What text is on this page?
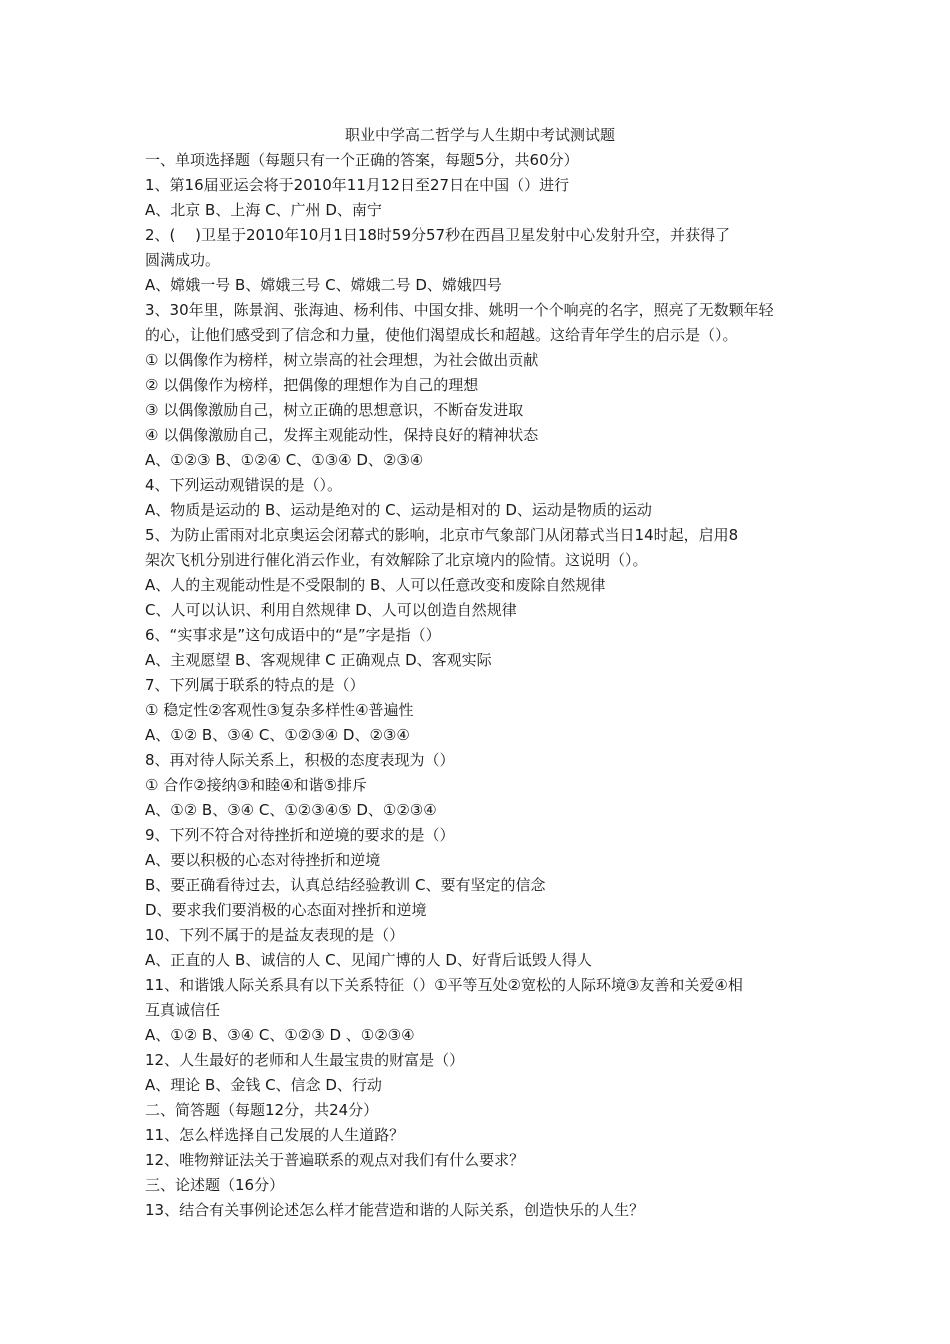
职业中学高二哲学与人生期中考试测试题
一、单项选择题（每题只有一个正确的答案，每题5分，共60分）
1、第16届亚运会将于2010年11月12日至27日在中国（）进行
A、北京 B、上海 C、广州 D、南宁
2、(　 )卫星于2010年10月1日18时59分57秒在西昌卫星发射中心发射升空，并获得了
圆满成功。
A、嫦娥一号 B、嫦娥三号 C、嫦娥二号 D、嫦娥四号
3、30年里，陈景润、张海迪、杨利伟、中国女排、姚明一个个响亮的名字，照亮了无数颗年轻
的心，让他们感受到了信念和力量，使他们渴望成长和超越。这给青年学生的启示是（）。
① 以偶像作为榜样，树立崇高的社会理想，为社会做出贡献
② 以偶像作为榜样，把偶像的理想作为自己的理想
③ 以偶像激励自己，树立正确的思想意识，不断奋发进取
④ 以偶像激励自己，发挥主观能动性，保持良好的精神状态
A、①②③ B、①②④ C、①③④ D、②③④
4、下列运动观错误的是（）。
A、物质是运动的 B、运动是绝对的 C、运动是相对的 D、运动是物质的运动
5、为防止雷雨对北京奥运会闭幕式的影响，北京市气象部门从闭幕式当日14时起，启用8
架次飞机分别进行催化消云作业，有效解除了北京境内的险情。这说明（）。
A、人的主观能动性是不受限制的 B、人可以任意改变和废除自然规律
C、人可以认识、利用自然规律 D、人可以创造自然规律
6、“实事求是”这句成语中的“是”字是指（）
A、主观愿望 B、客观规律 C 正确观点 D、客观实际
7、下列属于联系的特点的是（）
① 稳定性②客观性③复杂多样性④普遍性
A、①② B、③④ C、①②③④ D、②③④
8、再对待人际关系上，积极的态度表现为（）
① 合作②接纳③和睦④和谐⑤排斥
A、①② B、③④ C、①②③④⑤ D、①②③④
9、下列不符合对待挫折和逆境的要求的是（）
A、要以积极的心态对待挫折和逆境
B、要正确看待过去，认真总结经验教训 C、要有坚定的信念
D、要求我们要消极的心态面对挫折和逆境
10、下列不属于的是益友表现的是（）
A、正直的人 B、诚信的人 C、见闻广博的人 D、好背后诋毁人得人
11、和谐饿人际关系具有以下关系特征（）①平等互处②宽松的人际环境③友善和关爱④相
互真诚信任
A、①② B、③④ C、①②③ D 、①②③④
12、人生最好的老师和人生最宝贵的财富是（）
A、理论 B、金钱 C、信念 D、行动
二、简答题（每题12分，共24分）
11、怎么样选择自己发展的人生道路？
12、唯物辩证法关于普遍联系的观点对我们有什么要求？
三、论述题（16分）
13、结合有关事例论述怎么样才能营造和谐的人际关系，创造快乐的人生？
